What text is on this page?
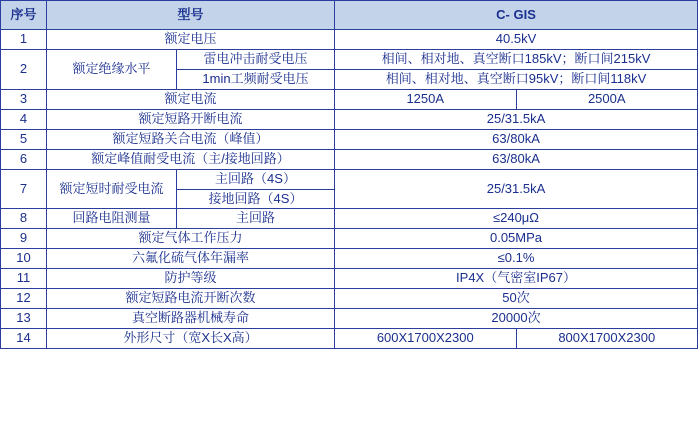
序号	型号		C- GIS	
1	额定电压		40.5kV	
2	额定绝缘水平	雷电冲击耐受电压	相间、相对地、真空断口185kV；断口间215kV	
		1min工频耐受电压	相间、相对地、真空断口95kV；断口间118kV	
3	额定电流		1250A	2500A
4	额定短路开断电流		25/31.5kA	
5	额定短路关合电流（峰值）		63/80kA	
6	额定峰值耐受电流（主/接地回路）		63/80kA	
7	额定短时耐受电流	主回路（4S）	25/31.5kA	
		接地回路（4S）		
8	回路电阻测量	主回路	≤240μΩ	
9	额定气体工作压力		0.05MPa	
10	六氟化硫气体年漏率		≤0.1%	
11	防护等级		IP4X（气密室IP67）	
12	额定短路电流开断次数		50次	
13	真空断路器机械寿命		20000次	
14	外形尺寸（宽X长X高）		600X1700X2300	800X1700X2300
